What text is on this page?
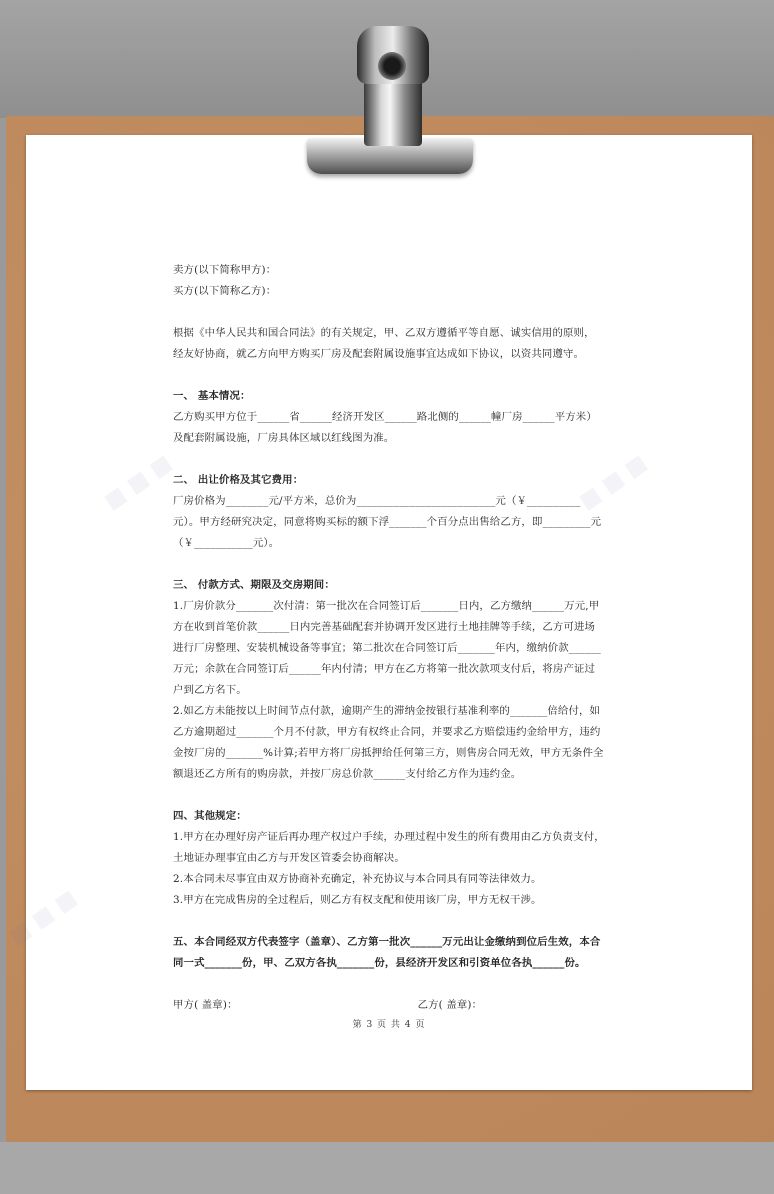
■ ■ ■	■ ■ ■
■ ■ ■

卖方(以下简称甲方)：

买方(以下简称乙方)：

根据《中华人民共和国合同法》的有关规定，甲、乙双方遵循平等自愿、诚实信用的原则，经友好协商，就乙方向甲方购买厂房及配套附属设施事宜达成如下协议，以资共同遵守。

一、 基本情况：

乙方购买甲方位于______省______经济开发区______路北侧的______幢厂房______平方米）及配套附属设施，厂房具体区域以红线图为准。

二、 出让价格及其它费用：

厂房价格为________元/平方米，总价为__________________________元（￥__________元）。甲方经研究决定，同意将购买标的额下浮_______个百分点出售给乙方，即_________元（￥___________元）。

三、 付款方式、期限及交房期间：

1.厂房价款分_______次付清：第一批次在合同签订后_______日内，乙方缴纳______万元,甲方在收到首笔价款______日内完善基础配套并协调开发区进行土地挂牌等手续，乙方可进场进行厂房整理、安装机械设备等事宜；第二批次在合同签订后_______年内，缴纳价款______万元；余款在合同签订后______年内付清；甲方在乙方将第一批次款项支付后，将房产证过户到乙方名下。

2.如乙方未能按以上时间节点付款，逾期产生的滞纳金按银行基准利率的_______倍给付，如乙方逾期超过_______个月不付款，甲方有权终止合同，并要求乙方赔偿违约金给甲方，违约金按厂房的_______%计算;若甲方将厂房抵押给任何第三方，则售房合同无效，甲方无条件全额退还乙方所有的购房款，并按厂房总价款______支付给乙方作为违约金。

四、其他规定：

1.甲方在办理好房产证后再办理产权过户手续，办理过程中发生的所有费用由乙方负责支付，土地证办理事宜由乙方与开发区管委会协商解决。

2.本合同未尽事宜由双方协商补充确定，补充协议与本合同具有同等法律效力。

3.甲方在完成售房的全过程后，则乙方有权支配和使用该厂房，甲方无权干涉。

五、本合同经双方代表签字（盖章）、乙方第一批次______万元出让金缴纳到位后生效，本合同一式_______份，甲、乙双方各执_______份，县经济开发区和引资单位各执______份。

甲方( 盖章)：	乙方( 盖章)：

第 3 页 共 4 页
